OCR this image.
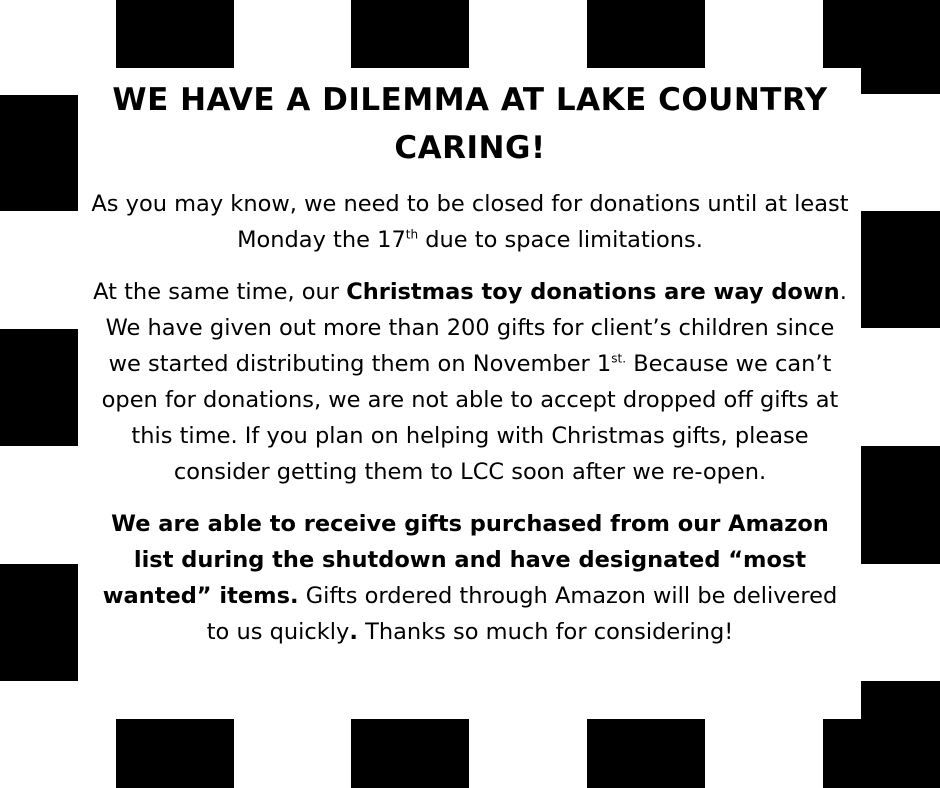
WE HAVE A DILEMMA AT LAKE COUNTRY CARING!

As you may know, we need to be closed for donations until at least Monday the 17th due to space limitations.

At the same time, our Christmas toy donations are way down. We have given out more than 200 gifts for client’s children since we started distributing them on November $1^{st.}$ Because we can’t open for donations, we are not able to accept dropped off gifts at this time. If you plan on helping with Christmas gifts, please consider getting them to LCC soon after we re-open.

We are able to receive gifts purchased from our Amazon list during the shutdown and have designated “most wanted” items. Gifts ordered through Amazon will be delivered to us quickly. Thanks so much for considering!
